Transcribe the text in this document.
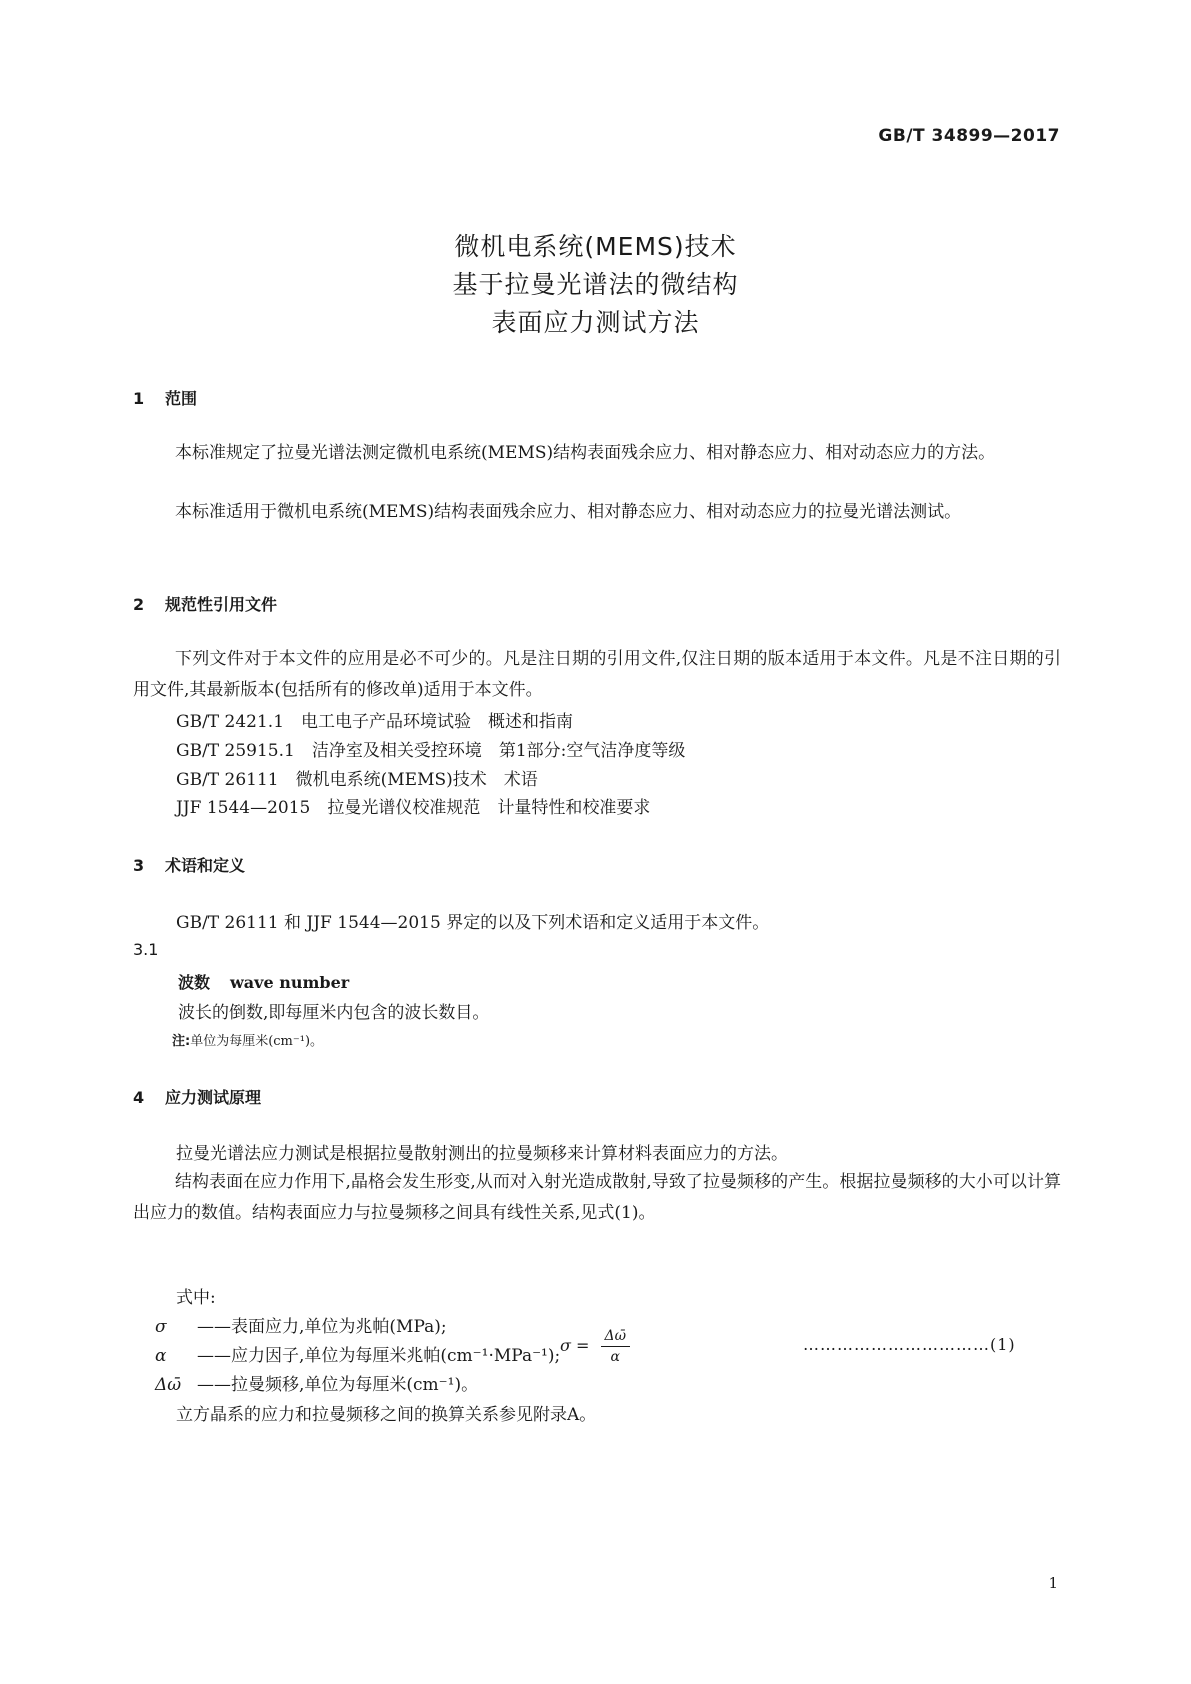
GB/T 34899—2017
微机电系统(MEMS)技术
基于拉曼光谱法的微结构
表面应力测试方法
1 范围
本标准规定了拉曼光谱法测定微机电系统(MEMS)结构表面残余应力、相对静态应力、相对动态应力的方法。
本标准适用于微机电系统(MEMS)结构表面残余应力、相对静态应力、相对动态应力的拉曼光谱法测试。
2 规范性引用文件
下列文件对于本文件的应用是必不可少的。凡是注日期的引用文件,仅注日期的版本适用于本文件。凡是不注日期的引用文件,其最新版本(包括所有的修改单)适用于本文件。
GB/T 2421.1　电工电子产品环境试验　概述和指南
GB/T 25915.1　洁净室及相关受控环境　第1部分:空气洁净度等级
GB/T 26111　微机电系统(MEMS)技术　术语
JJF 1544—2015　拉曼光谱仪校准规范　计量特性和校准要求
3 术语和定义
GB/T 26111 和 JJF 1544—2015 界定的以及下列术语和定义适用于本文件。
3.1
波数 wave number
波长的倒数,即每厘米内包含的波长数目。
注:单位为每厘米(cm⁻¹)。
4 应力测试原理
拉曼光谱法应力测试是根据拉曼散射测出的拉曼频移来计算材料表面应力的方法。
结构表面在应力作用下,晶格会发生形变,从而对入射光造成散射,导致了拉曼频移的产生。根据拉曼频移的大小可以计算出应力的数值。结构表面应力与拉曼频移之间具有线性关系,见式(1)。
$\sigma = \frac{\Delta\omegā}{\alpha}$	……………………………(1)
式中:
σ ——表面应力,单位为兆帕(MPa);
α ——应力因子,单位为每厘米兆帕(cm⁻¹·MPa⁻¹);
Δω̄ ——拉曼频移,单位为每厘米(cm⁻¹)。
立方晶系的应力和拉曼频移之间的换算关系参见附录A。
1
